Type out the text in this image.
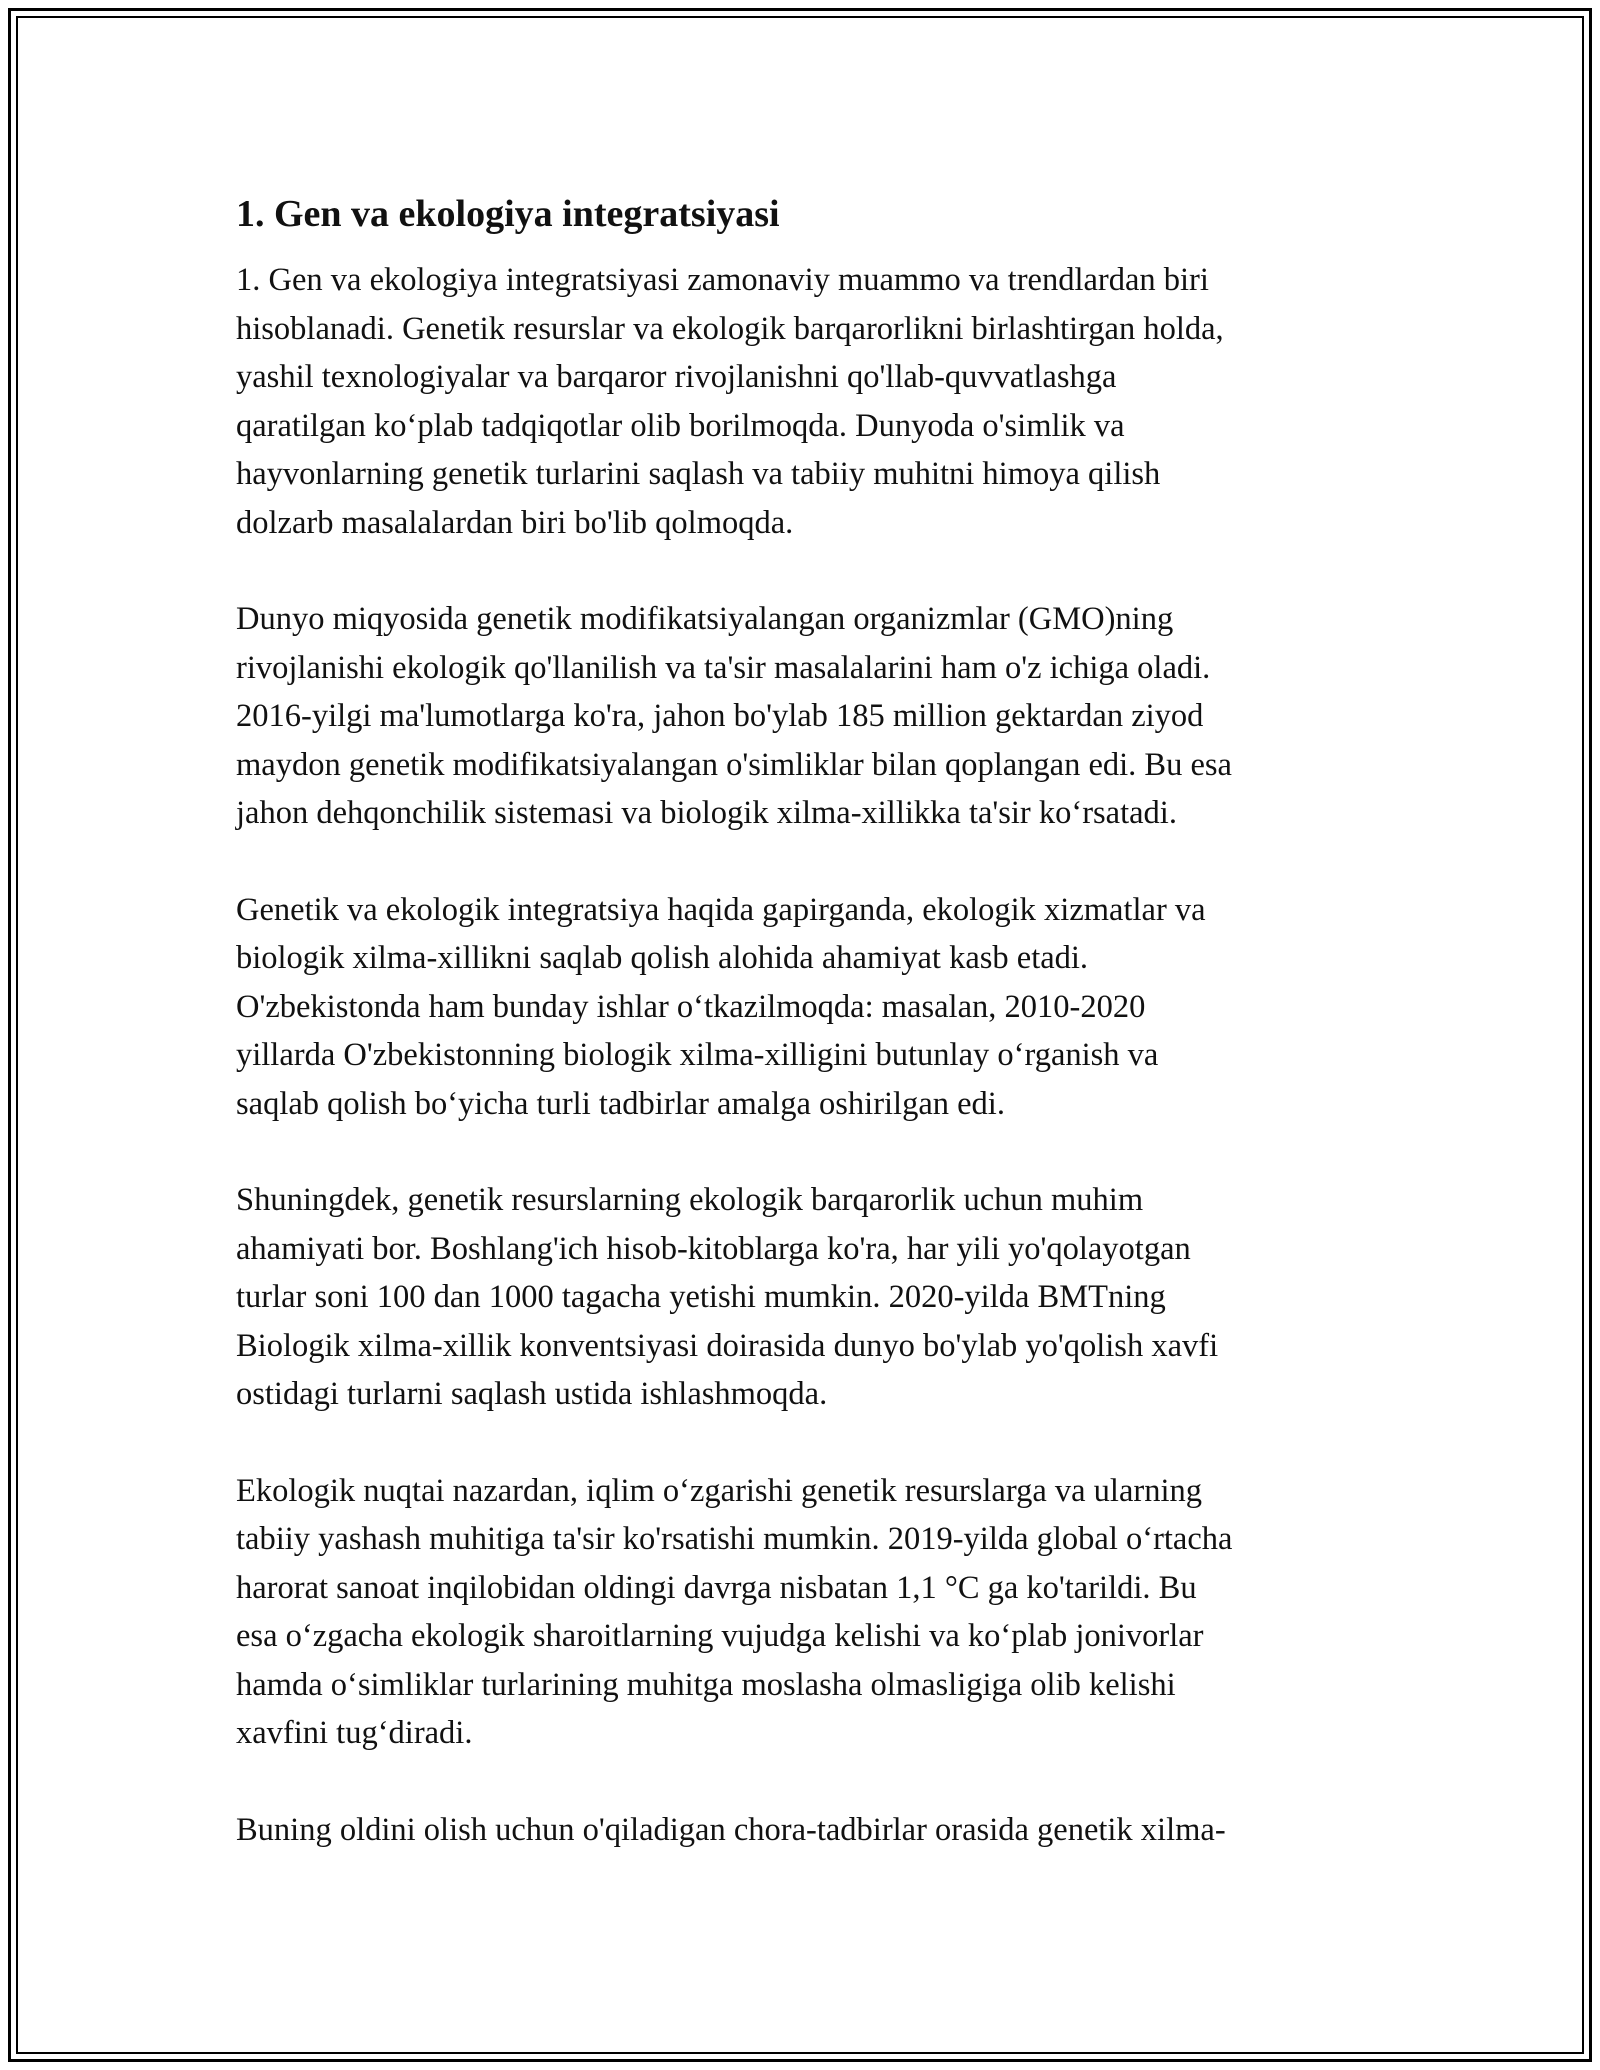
1. Gen va ekologiya integratsiyasi
1. Gen va ekologiya integratsiyasi zamonaviy muammo va trendlardan biri
hisoblanadi. Genetik resurslar va ekologik barqarorlikni birlashtirgan holda,
yashil texnologiyalar va barqaror rivojlanishni qo'llab-quvvatlashga
qaratilgan ko‘plab tadqiqotlar olib borilmoqda. Dunyoda o'simlik va
hayvonlarning genetik turlarini saqlash va tabiiy muhitni himoya qilish
dolzarb masalalardan biri bo'lib qolmoqda.
Dunyo miqyosida genetik modifikatsiyalangan organizmlar (GMO)ning
rivojlanishi ekologik qo'llanilish va ta'sir masalalarini ham o'z ichiga oladi.
2016-yilgi ma'lumotlarga ko'ra, jahon bo'ylab 185 million gektardan ziyod
maydon genetik modifikatsiyalangan o'simliklar bilan qoplangan edi. Bu esa
jahon dehqonchilik sistemasi va biologik xilma-xillikka ta'sir ko‘rsatadi.
Genetik va ekologik integratsiya haqida gapirganda, ekologik xizmatlar va
biologik xilma-xillikni saqlab qolish alohida ahamiyat kasb etadi.
O'zbekistonda ham bunday ishlar o‘tkazilmoqda: masalan, 2010-2020
yillarda O'zbekistonning biologik xilma-xilligini butunlay o‘rganish va
saqlab qolish bo‘yicha turli tadbirlar amalga oshirilgan edi.
Shuningdek, genetik resurslarning ekologik barqarorlik uchun muhim
ahamiyati bor. Boshlang'ich hisob-kitoblarga ko'ra, har yili yo'qolayotgan
turlar soni 100 dan 1000 tagacha yetishi mumkin. 2020-yilda BMTning
Biologik xilma-xillik konventsiyasi doirasida dunyo bo'ylab yo'qolish xavfi
ostidagi turlarni saqlash ustida ishlashmoqda.
Ekologik nuqtai nazardan, iqlim o‘zgarishi genetik resurslarga va ularning
tabiiy yashash muhitiga ta'sir ko'rsatishi mumkin. 2019-yilda global o‘rtacha
harorat sanoat inqilobidan oldingi davrga nisbatan 1,1 °C ga ko'tarildi. Bu
esa o‘zgacha ekologik sharoitlarning vujudga kelishi va ko‘plab jonivorlar
hamda o‘simliklar turlarining muhitga moslasha olmasligiga olib kelishi
xavfini tug‘diradi.
Buning oldini olish uchun o'qiladigan chora-tadbirlar orasida genetik xilma-
